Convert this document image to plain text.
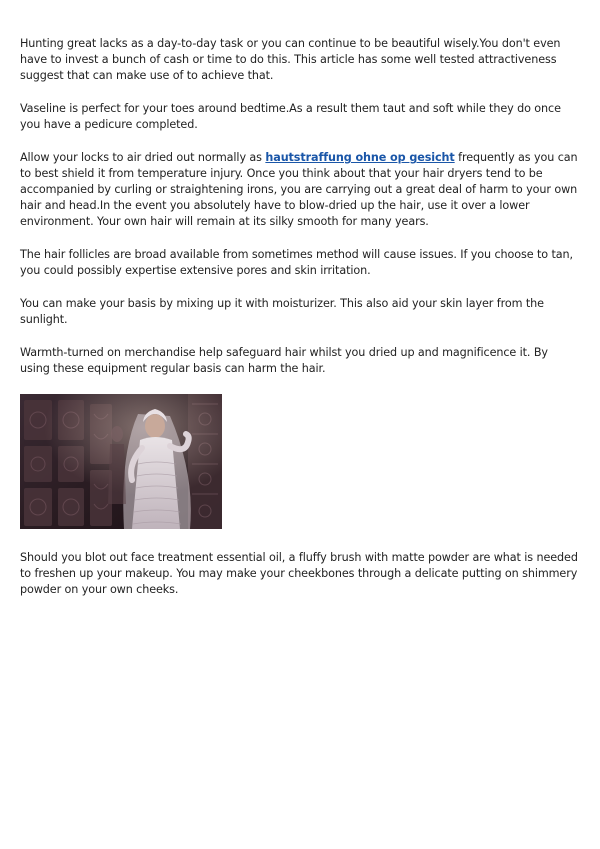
Hunting great lacks as a day-to-day task or you can continue to be beautiful wisely.You don't even have to invest a bunch of cash or time to do this. This article has some well tested attractiveness suggest that can make use of to achieve that.

Vaseline is perfect for your toes around bedtime.As a result them taut and soft while they do once you have a pedicure completed.

Allow your locks to air dried out normally as hautstraffung ohne op gesicht frequently as you can to best shield it from temperature injury. Once you think about that your hair dryers tend to be accompanied by curling or straightening irons, you are carrying out a great deal of harm to your own hair and head.In the event you absolutely have to blow-dried up the hair, use it over a lower environment. Your own hair will remain at its silky smooth for many years.

The hair follicles are broad available from sometimes method will cause issues. If you choose to tan, you could possibly expertise extensive pores and skin irritation.

You can make your basis by mixing up it with moisturizer. This also aid your skin layer from the sunlight.

Warmth-turned on merchandise help safeguard hair whilst you dried up and magnificence it. By using these equipment regular basis can harm the hair.

Should you blot out face treatment essential oil, a fluffy brush with matte powder are what is needed to freshen up your makeup. You may make your cheekbones through a delicate putting on shimmery powder on your own cheeks.
